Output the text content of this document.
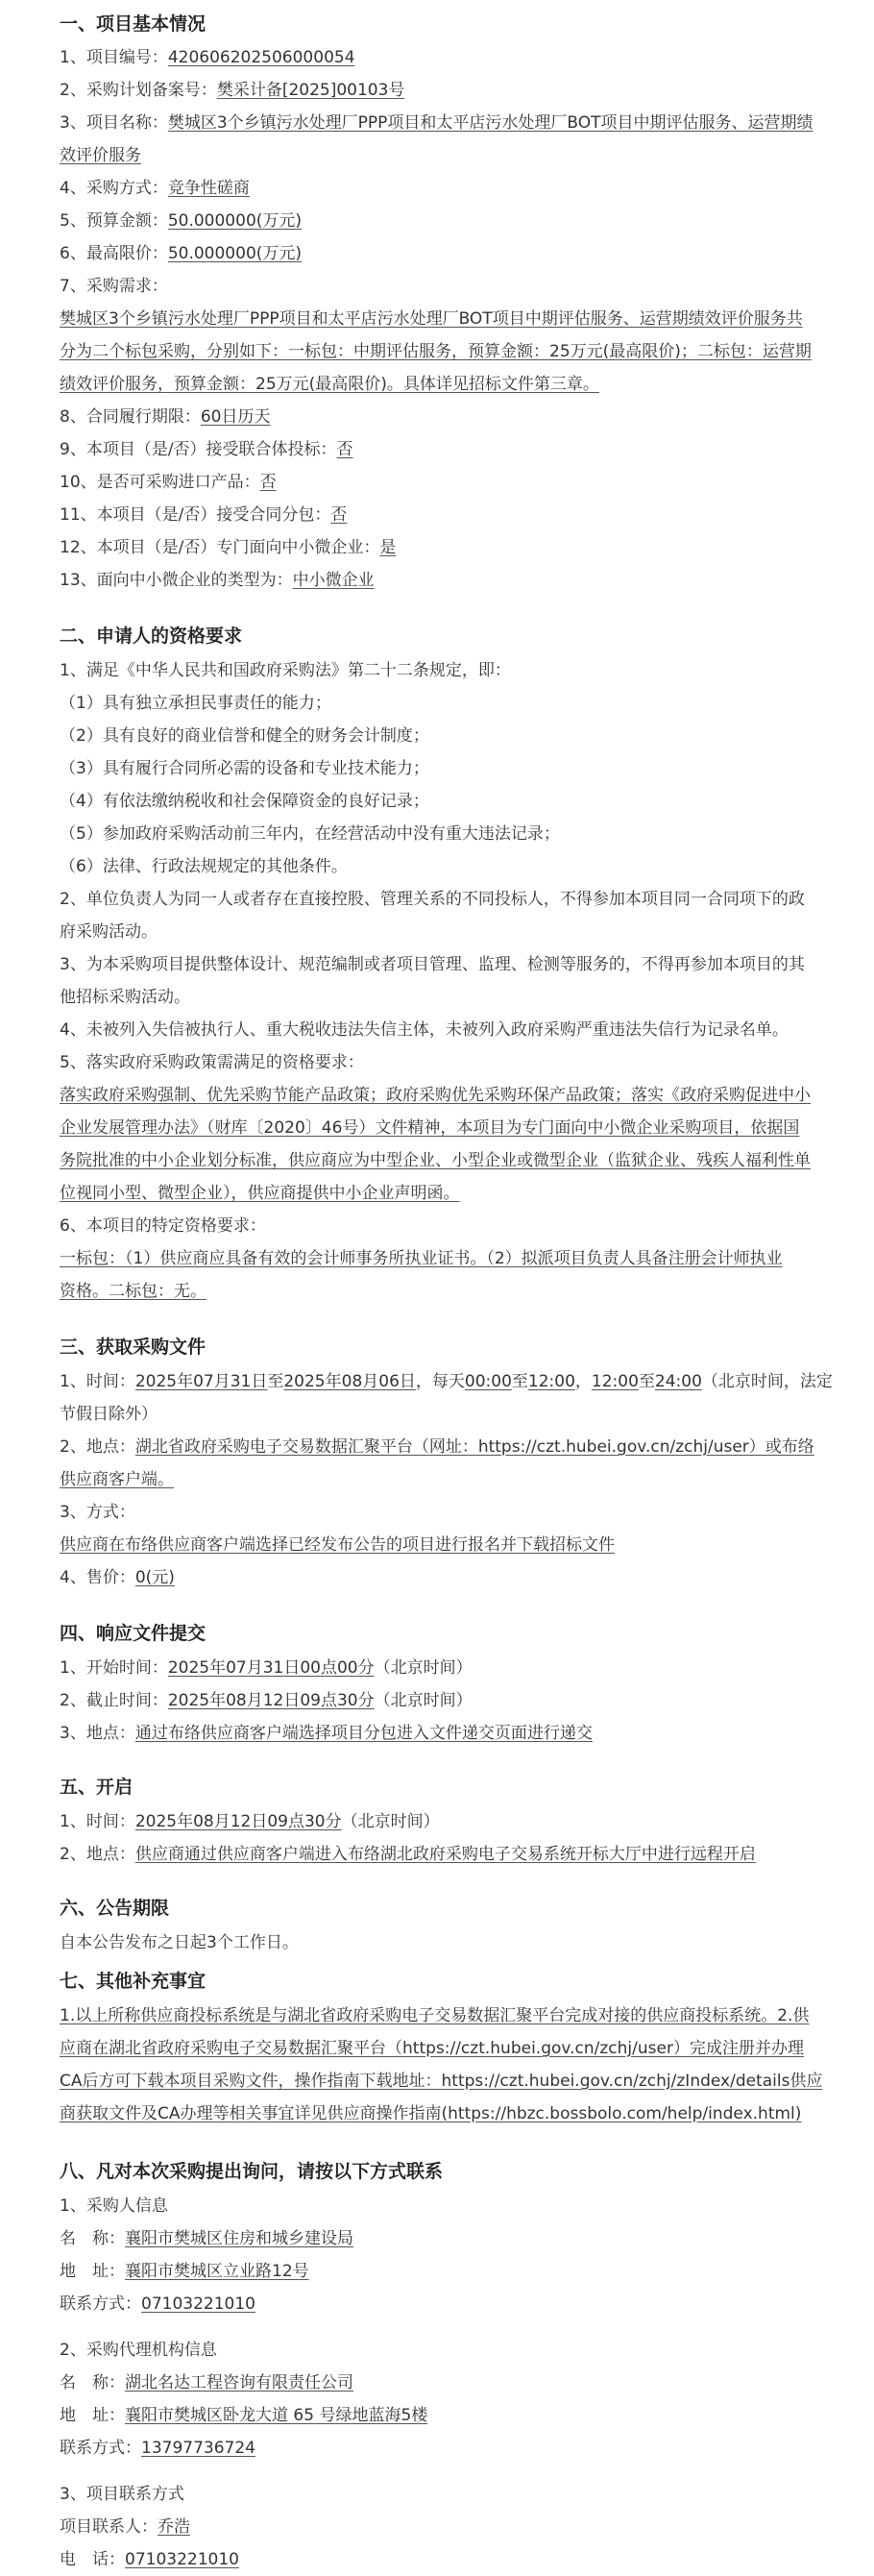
一、项目基本情况
1、项目编号：420606202506000054
2、采购计划备案号：樊采计备[2025]00103号
3、项目名称：樊城区3个乡镇污水处理厂PPP项目和太平店污水处理厂BOT项目中期评估服务、运营期绩
效评价服务
4、采购方式：竞争性磋商
5、预算金额：50.000000(万元)
6、最高限价：50.000000(万元)
7、采购需求：
樊城区3个乡镇污水处理厂PPP项目和太平店污水处理厂BOT项目中期评估服务、运营期绩效评价服务共
分为二个标包采购，分别如下：一标包：中期评估服务，预算金额：25万元(最高限价)；二标包：运营期
绩效评价服务，预算金额：25万元(最高限价)。具体详见招标文件第三章。
8、合同履行期限：60日历天
9、本项目（是/否）接受联合体投标：否
10、是否可采购进口产品：否
11、本项目（是/否）接受合同分包：否
12、本项目（是/否）专门面向中小微企业：是
13、面向中小微企业的类型为：中小微企业
二、申请人的资格要求
1、满足《中华人民共和国政府采购法》第二十二条规定，即：
（1）具有独立承担民事责任的能力；
（2）具有良好的商业信誉和健全的财务会计制度；
（3）具有履行合同所必需的设备和专业技术能力；
（4）有依法缴纳税收和社会保障资金的良好记录；
（5）参加政府采购活动前三年内，在经营活动中没有重大违法记录；
（6）法律、行政法规规定的其他条件。
2、单位负责人为同一人或者存在直接控股、管理关系的不同投标人，不得参加本项目同一合同项下的政
府采购活动。
3、为本采购项目提供整体设计、规范编制或者项目管理、监理、检测等服务的，不得再参加本项目的其
他招标采购活动。
4、未被列入失信被执行人、重大税收违法失信主体，未被列入政府采购严重违法失信行为记录名单。
5、落实政府采购政策需满足的资格要求：
落实政府采购强制、优先采购节能产品政策；政府采购优先采购环保产品政策；落实《政府采购促进中小
企业发展管理办法》（财库〔2020〕46号）文件精神，本项目为专门面向中小微企业采购项目，依据国
务院批准的中小企业划分标准，供应商应为中型企业、小型企业或微型企业（监狱企业、残疾人福利性单
位视同小型、微型企业），供应商提供中小企业声明函。
6、本项目的特定资格要求：
一标包：（1）供应商应具备有效的会计师事务所执业证书。（2）拟派项目负责人具备注册会计师执业
资格。二标包：无。
三、获取采购文件
1、时间：2025年07月31日至2025年08月06日，每天00:00至12:00，12:00至24:00（北京时间，法定
节假日除外）
2、地点：湖北省政府采购电子交易数据汇聚平台（网址：https://czt.hubei.gov.cn/zchj/user）或布络
供应商客户端。
3、方式：
供应商在布络供应商客户端选择已经发布公告的项目进行报名并下载招标文件
4、售价：0(元)
四、响应文件提交
1、开始时间：2025年07月31日00点00分（北京时间）
2、截止时间：2025年08月12日09点30分（北京时间）
3、地点：通过布络供应商客户端选择项目分包进入文件递交页面进行递交
五、开启
1、时间：2025年08月12日09点30分（北京时间）
2、地点：供应商通过供应商客户端进入布络湖北政府采购电子交易系统开标大厅中进行远程开启
六、公告期限
自本公告发布之日起3个工作日。
七、其他补充事宜
1.以上所称供应商投标系统是与湖北省政府采购电子交易数据汇聚平台完成对接的供应商投标系统。2.供
应商在湖北省政府采购电子交易数据汇聚平台（https://czt.hubei.gov.cn/zchj/user）完成注册并办理
CA后方可下载本项目采购文件，操作指南下载地址：https://czt.hubei.gov.cn/zchj/zIndex/details供应
商获取文件及CA办理等相关事宜详见供应商操作指南(https://hbzc.bossbolo.com/help/index.html)
八、凡对本次采购提出询问，请按以下方式联系
1、采购人信息
名　称：襄阳市樊城区住房和城乡建设局
地　址：襄阳市樊城区立业路12号
联系方式：07103221010
2、采购代理机构信息
名　称：湖北名达工程咨询有限责任公司
地　址：襄阳市樊城区卧龙大道 65 号绿地蓝海5楼
联系方式：13797736724
3、项目联系方式
项目联系人：乔浩
电　话：07103221010
